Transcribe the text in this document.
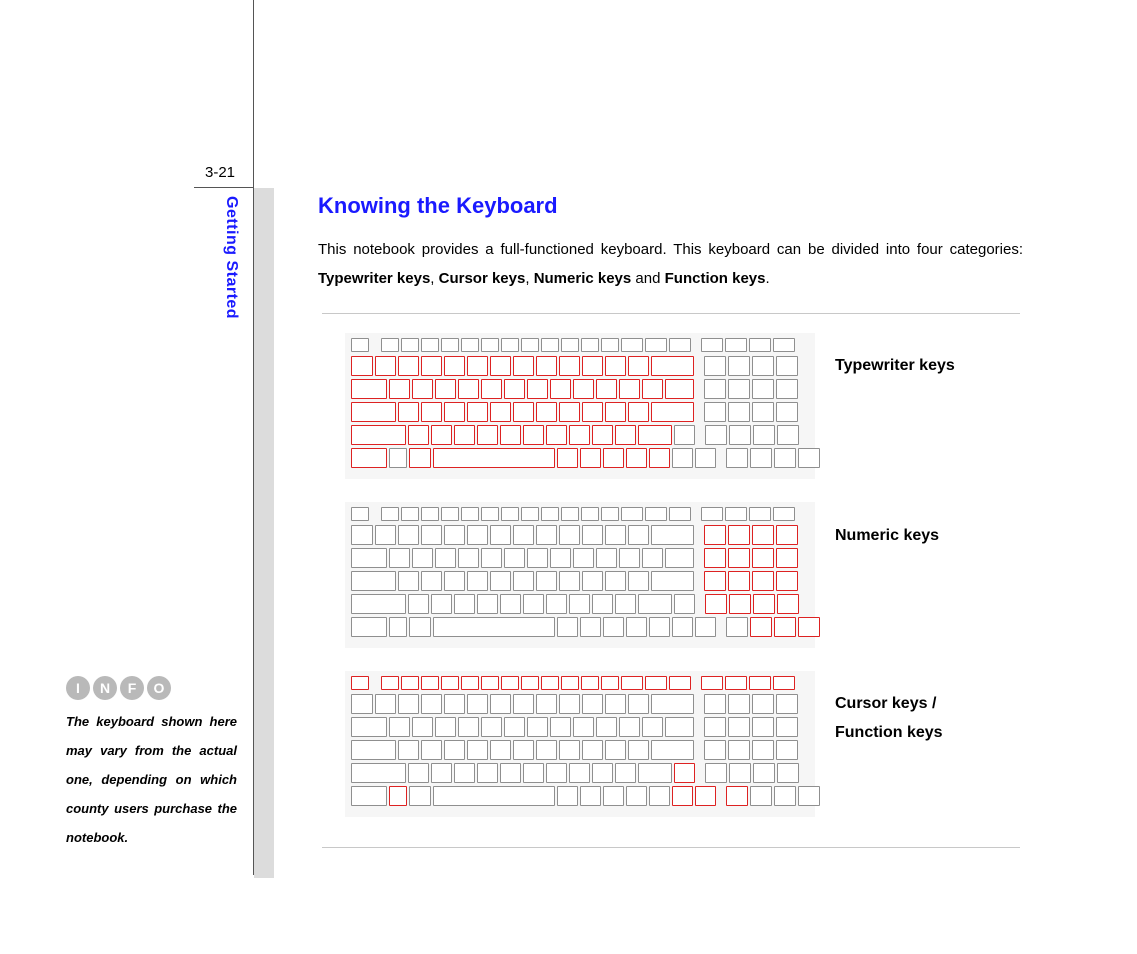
3-21
Getting Started	Knowing the Keyboard

This notebook provides a full-functioned keyboard. This keyboard can be divided into four categories: Typewriter keys, Cursor keys, Numeric keys and Function keys.

Typewriter keys
Numeric keys
Cursor keys /
Function keys
I	N	F	O
The keyboard shown here may vary from the actual one, depending on which county users purchase the notebook.
